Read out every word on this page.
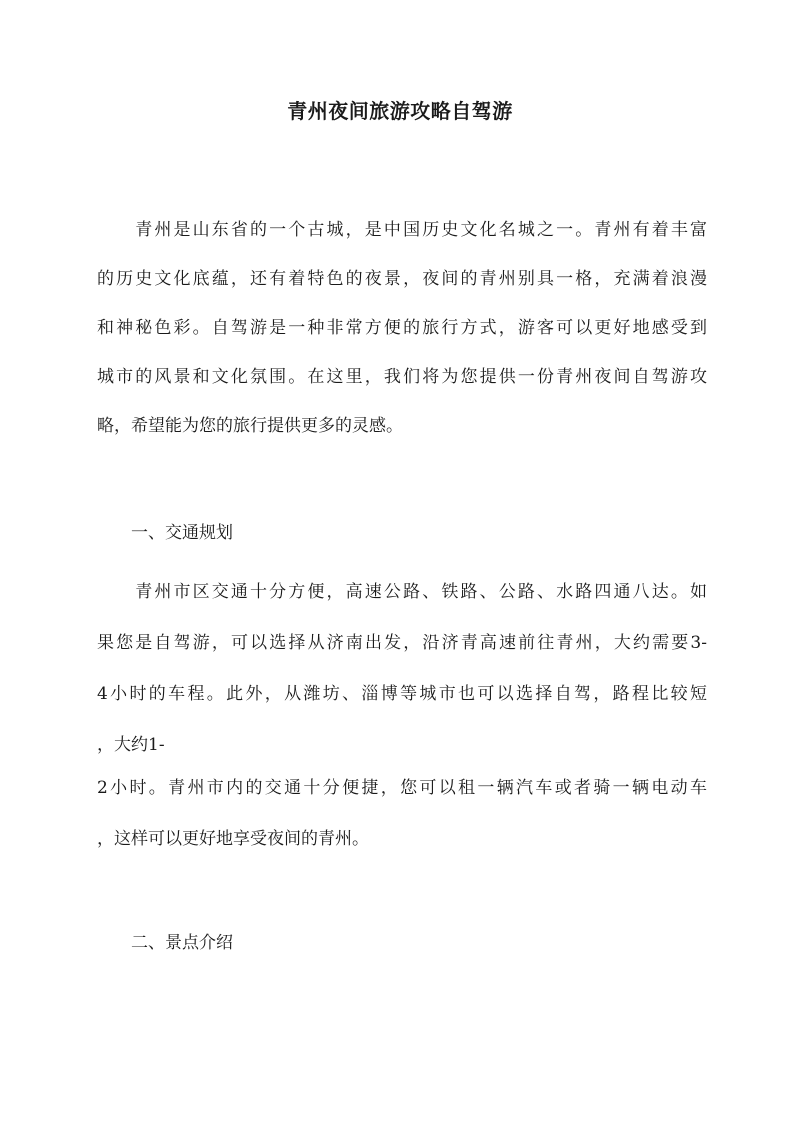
青州夜间旅游攻略自驾游
　　青州是山东省的一个古城，是中国历史文化名城之一。青州有着丰富
的历史文化底蕴，还有着特色的夜景，夜间的青州别具一格，充满着浪漫
和神秘色彩。自驾游是一种非常方便的旅行方式，游客可以更好地感受到
城市的风景和文化氛围。在这里，我们将为您提供一份青州夜间自驾游攻
略，希望能为您的旅行提供更多的灵感。
　　一、交通规划
　　青州市区交通十分方便，高速公路、铁路、公路、水路四通八达。如
果您是自驾游，可以选择从济南出发，沿济青高速前往青州，大约需要3-
4小时的车程。此外，从潍坊、淄博等城市也可以选择自驾，路程比较短
，大约1-
2小时。青州市内的交通十分便捷，您可以租一辆汽车或者骑一辆电动车
，这样可以更好地享受夜间的青州。
　　二、景点介绍
